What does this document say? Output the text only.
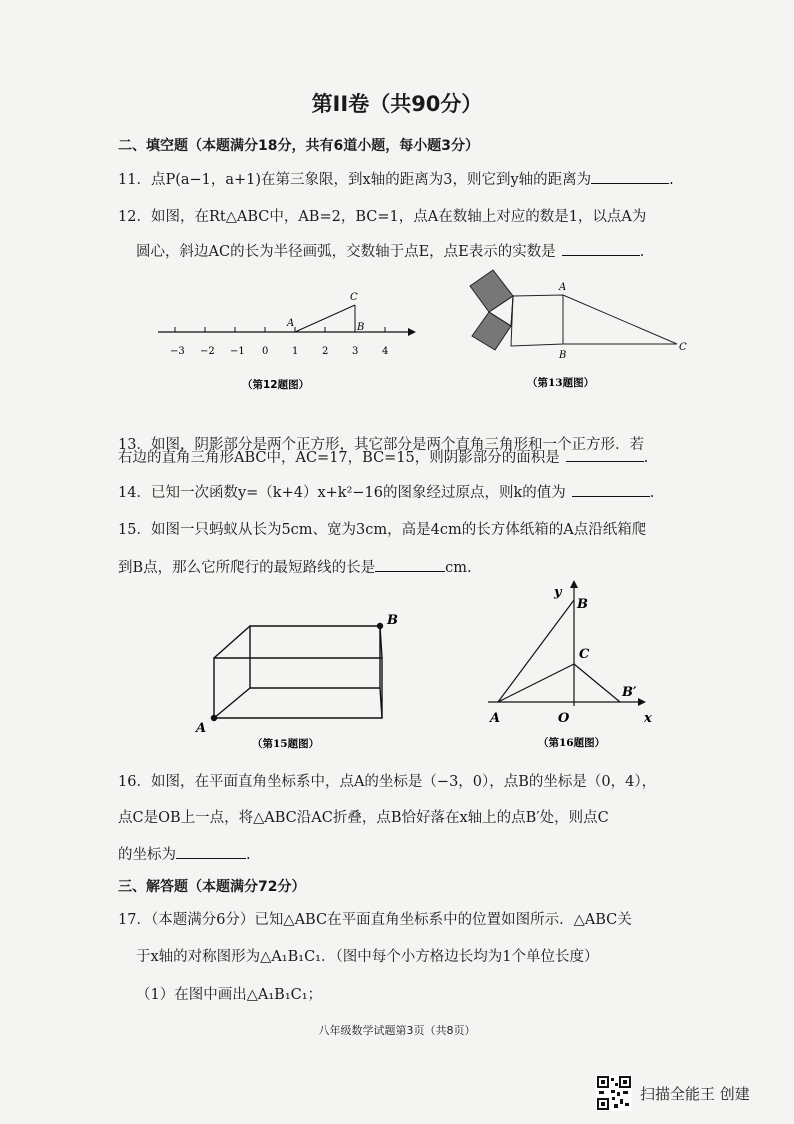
第II卷（共90分）
二、填空题（本题满分18分，共有6道小题，每小题3分）
11．点P(a−1，a+1)在第三象限，到x轴的距离为3，则它到y轴的距离为	.
12．如图，在Rt△ABC中，AB=2，BC=1，点A在数轴上对应的数是1，以点A为
圆心，斜边AC的长为半径画弧，交数轴于点E，点E表示的实数是	.
−3 −2 −1 0 1 2 3 4
A	B
C
（第12题图）
A
B
C
（第13题图）
13．如图，阴影部分是两个正方形，其它部分是两个直角三角形和一个正方形．若
右边的直角三角形ABC中，AC=17，BC=15，则阴影部分的面积是	.
14．已知一次函数y=（k+4）x+k²−16的图象经过原点，则k的值为	.
15．如图一只蚂蚁从长为5cm、宽为3cm，高是4cm的长方体纸箱的A点沿纸箱爬
到B点，那么它所爬行的最短路线的长是	cm.
A
B
（第15题图）
y
B
C
B′
A	O	x
（第16题图）
16．如图，在平面直角坐标系中，点A的坐标是（−3，0），点B的坐标是（0，4），
点C是OB上一点，将△ABC沿AC折叠，点B恰好落在x轴上的点B′处，则点C
的坐标为	.
三、解答题（本题满分72分）
17．（本题满分6分）已知△ABC在平面直角坐标系中的位置如图所示．△ABC关
于x轴的对称图形为△A₁B₁C₁．（图中每个小方格边长均为1个单位长度）
（1）在图中画出△A₁B₁C₁；
八年级数学试题第3页（共8页）
扫描全能王 创建
